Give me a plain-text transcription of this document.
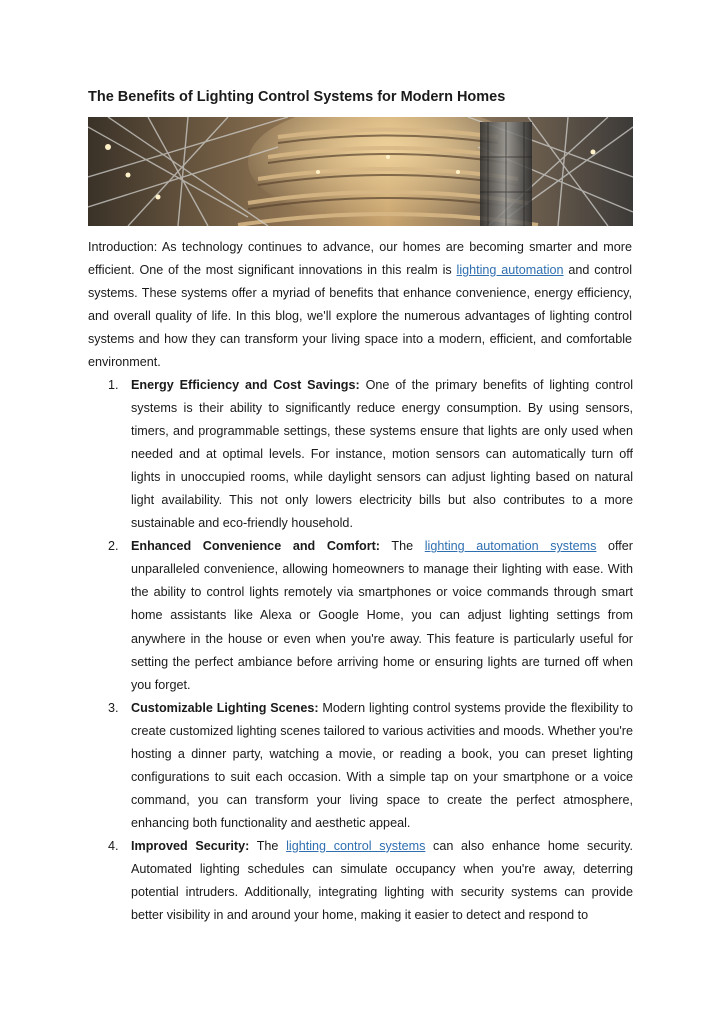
The Benefits of Lighting Control Systems for Modern Homes

Introduction: As technology continues to advance, our homes are becoming smarter and more efficient. One of the most significant innovations in this realm is lighting automation and control systems. These systems offer a myriad of benefits that enhance convenience, energy efficiency, and overall quality of life. In this blog, we'll explore the numerous advantages of lighting control systems and how they can transform your living space into a modern, efficient, and comfortable environment.

1. Energy Efficiency and Cost Savings: One of the primary benefits of lighting control systems is their ability to significantly reduce energy consumption. By using sensors, timers, and programmable settings, these systems ensure that lights are only used when needed and at optimal levels. For instance, motion sensors can automatically turn off lights in unoccupied rooms, while daylight sensors can adjust lighting based on natural light availability. This not only lowers electricity bills but also contributes to a more sustainable and eco-friendly household.
2. Enhanced Convenience and Comfort: The lighting automation systems offer unparalleled convenience, allowing homeowners to manage their lighting with ease. With the ability to control lights remotely via smartphones or voice commands through smart home assistants like Alexa or Google Home, you can adjust lighting settings from anywhere in the house or even when you're away. This feature is particularly useful for setting the perfect ambiance before arriving home or ensuring lights are turned off when you forget.
3. Customizable Lighting Scenes: Modern lighting control systems provide the flexibility to create customized lighting scenes tailored to various activities and moods. Whether you're hosting a dinner party, watching a movie, or reading a book, you can preset lighting configurations to suit each occasion. With a simple tap on your smartphone or a voice command, you can transform your living space to create the perfect atmosphere, enhancing both functionality and aesthetic appeal.
4. Improved Security: The lighting control systems can also enhance home security. Automated lighting schedules can simulate occupancy when you're away, deterring potential intruders. Additionally, integrating lighting with security systems can provide better visibility in and around your home, making it easier to detect and respond to
